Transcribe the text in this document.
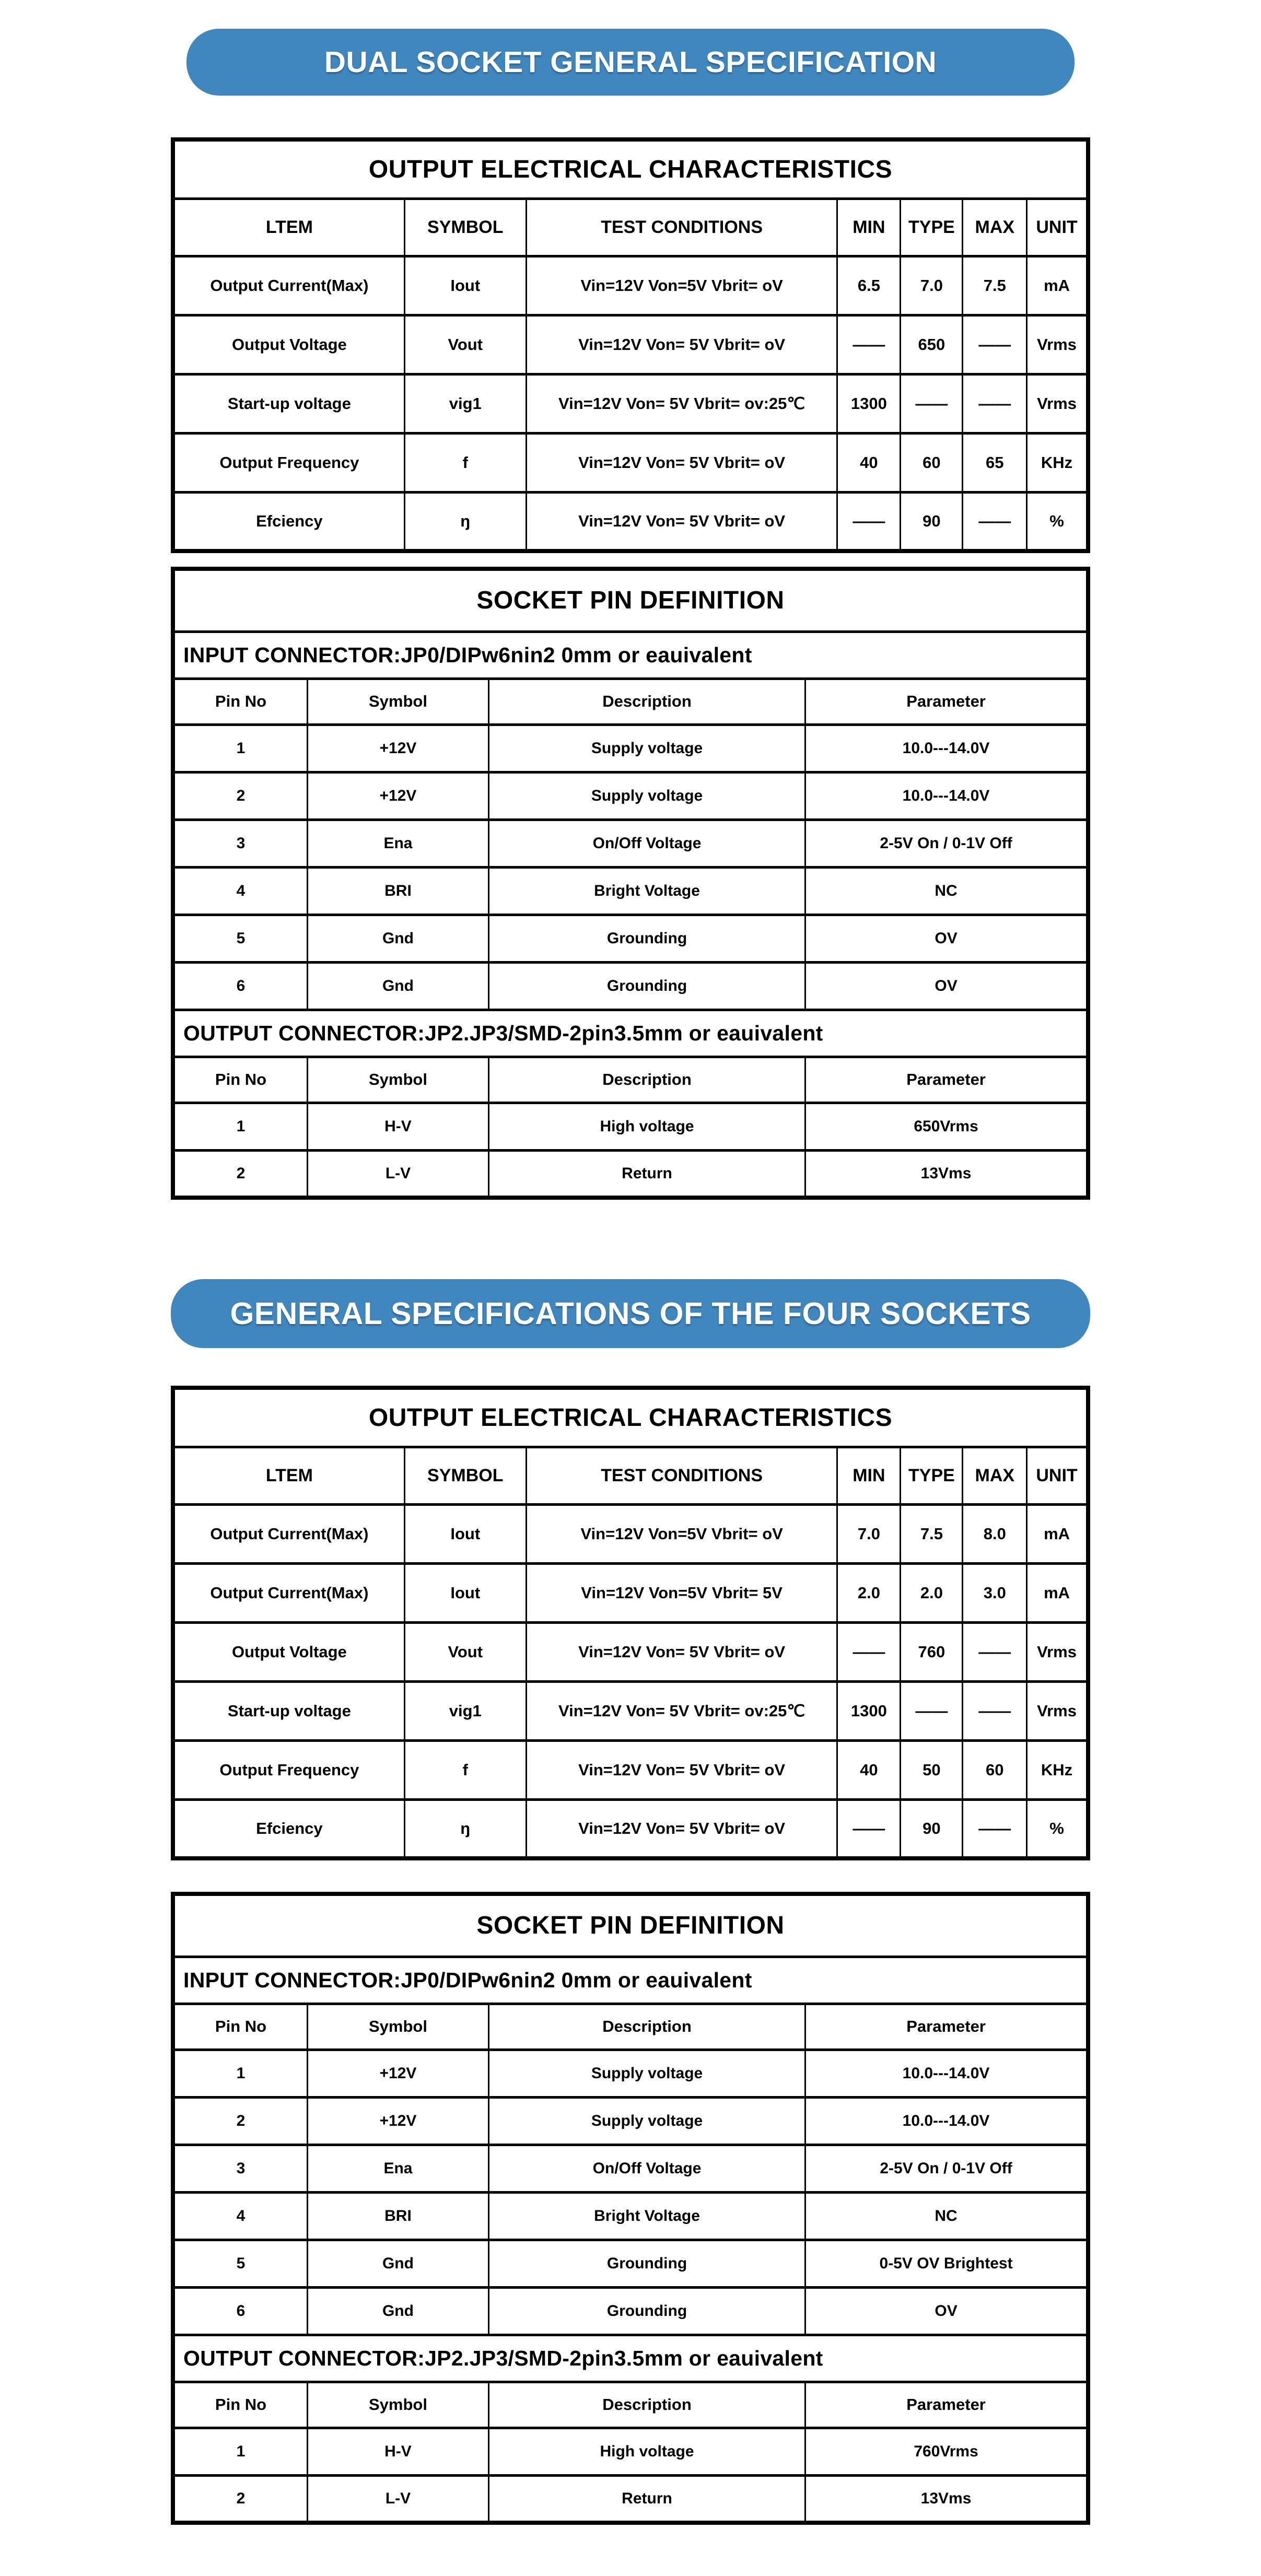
DUAL SOCKET GENERAL SPECIFICATION
OUTPUT ELECTRICAL CHARACTERISTICS						
LTEM	SYMBOL	TEST CONDITIONS	MIN	TYPE	MAX	UNIT
Output Current(Max)	Iout	Vin=12V Von=5V Vbrit= oV	6.5	7.0	7.5	mA
Output Voltage	Vout	Vin=12V Von= 5V Vbrit= oV	——	650	——	Vrms
Start-up voltage	vig1	Vin=12V Von= 5V Vbrit= ov:25℃	1300	——	——	Vrms
Output Frequency	f	Vin=12V Von= 5V Vbrit= oV	40	60	65	KHz
Efciency	ŋ	Vin=12V Von= 5V Vbrit= oV	——	90	——	%
SOCKET PIN DEFINITION			
INPUT CONNECTOR:JP0/DIPw6nin2 0mm or eauivalent			
Pin No	Symbol	Description	Parameter
1	+12V	Supply voltage	10.0---14.0V
2	+12V	Supply voltage	10.0---14.0V
3	Ena	On/Off Voltage	2-5V On / 0-1V Off
4	BRI	Bright Voltage	NC
5	Gnd	Grounding	OV
6	Gnd	Grounding	OV
OUTPUT CONNECTOR:JP2.JP3/SMD-2pin3.5mm or eauivalent			
Pin No	Symbol	Description	Parameter
1	H-V	High voltage	650Vrms
2	L-V	Return	13Vms
GENERAL SPECIFICATIONS OF THE FOUR SOCKETS
OUTPUT ELECTRICAL CHARACTERISTICS						
LTEM	SYMBOL	TEST CONDITIONS	MIN	TYPE	MAX	UNIT
Output Current(Max)	Iout	Vin=12V Von=5V Vbrit= oV	7.0	7.5	8.0	mA
Output Current(Max)	Iout	Vin=12V Von=5V Vbrit= 5V	2.0	2.0	3.0	mA
Output Voltage	Vout	Vin=12V Von= 5V Vbrit= oV	——	760	——	Vrms
Start-up voltage	vig1	Vin=12V Von= 5V Vbrit= ov:25℃	1300	——	——	Vrms
Output Frequency	f	Vin=12V Von= 5V Vbrit= oV	40	50	60	KHz
Efciency	ŋ	Vin=12V Von= 5V Vbrit= oV	——	90	——	%
SOCKET PIN DEFINITION			
INPUT CONNECTOR:JP0/DIPw6nin2 0mm or eauivalent			
Pin No	Symbol	Description	Parameter
1	+12V	Supply voltage	10.0---14.0V
2	+12V	Supply voltage	10.0---14.0V
3	Ena	On/Off Voltage	2-5V On / 0-1V Off
4	BRI	Bright Voltage	NC
5	Gnd	Grounding	0-5V OV Brightest
6	Gnd	Grounding	OV
OUTPUT CONNECTOR:JP2.JP3/SMD-2pin3.5mm or eauivalent			
Pin No	Symbol	Description	Parameter
1	H-V	High voltage	760Vrms
2	L-V	Return	13Vms
